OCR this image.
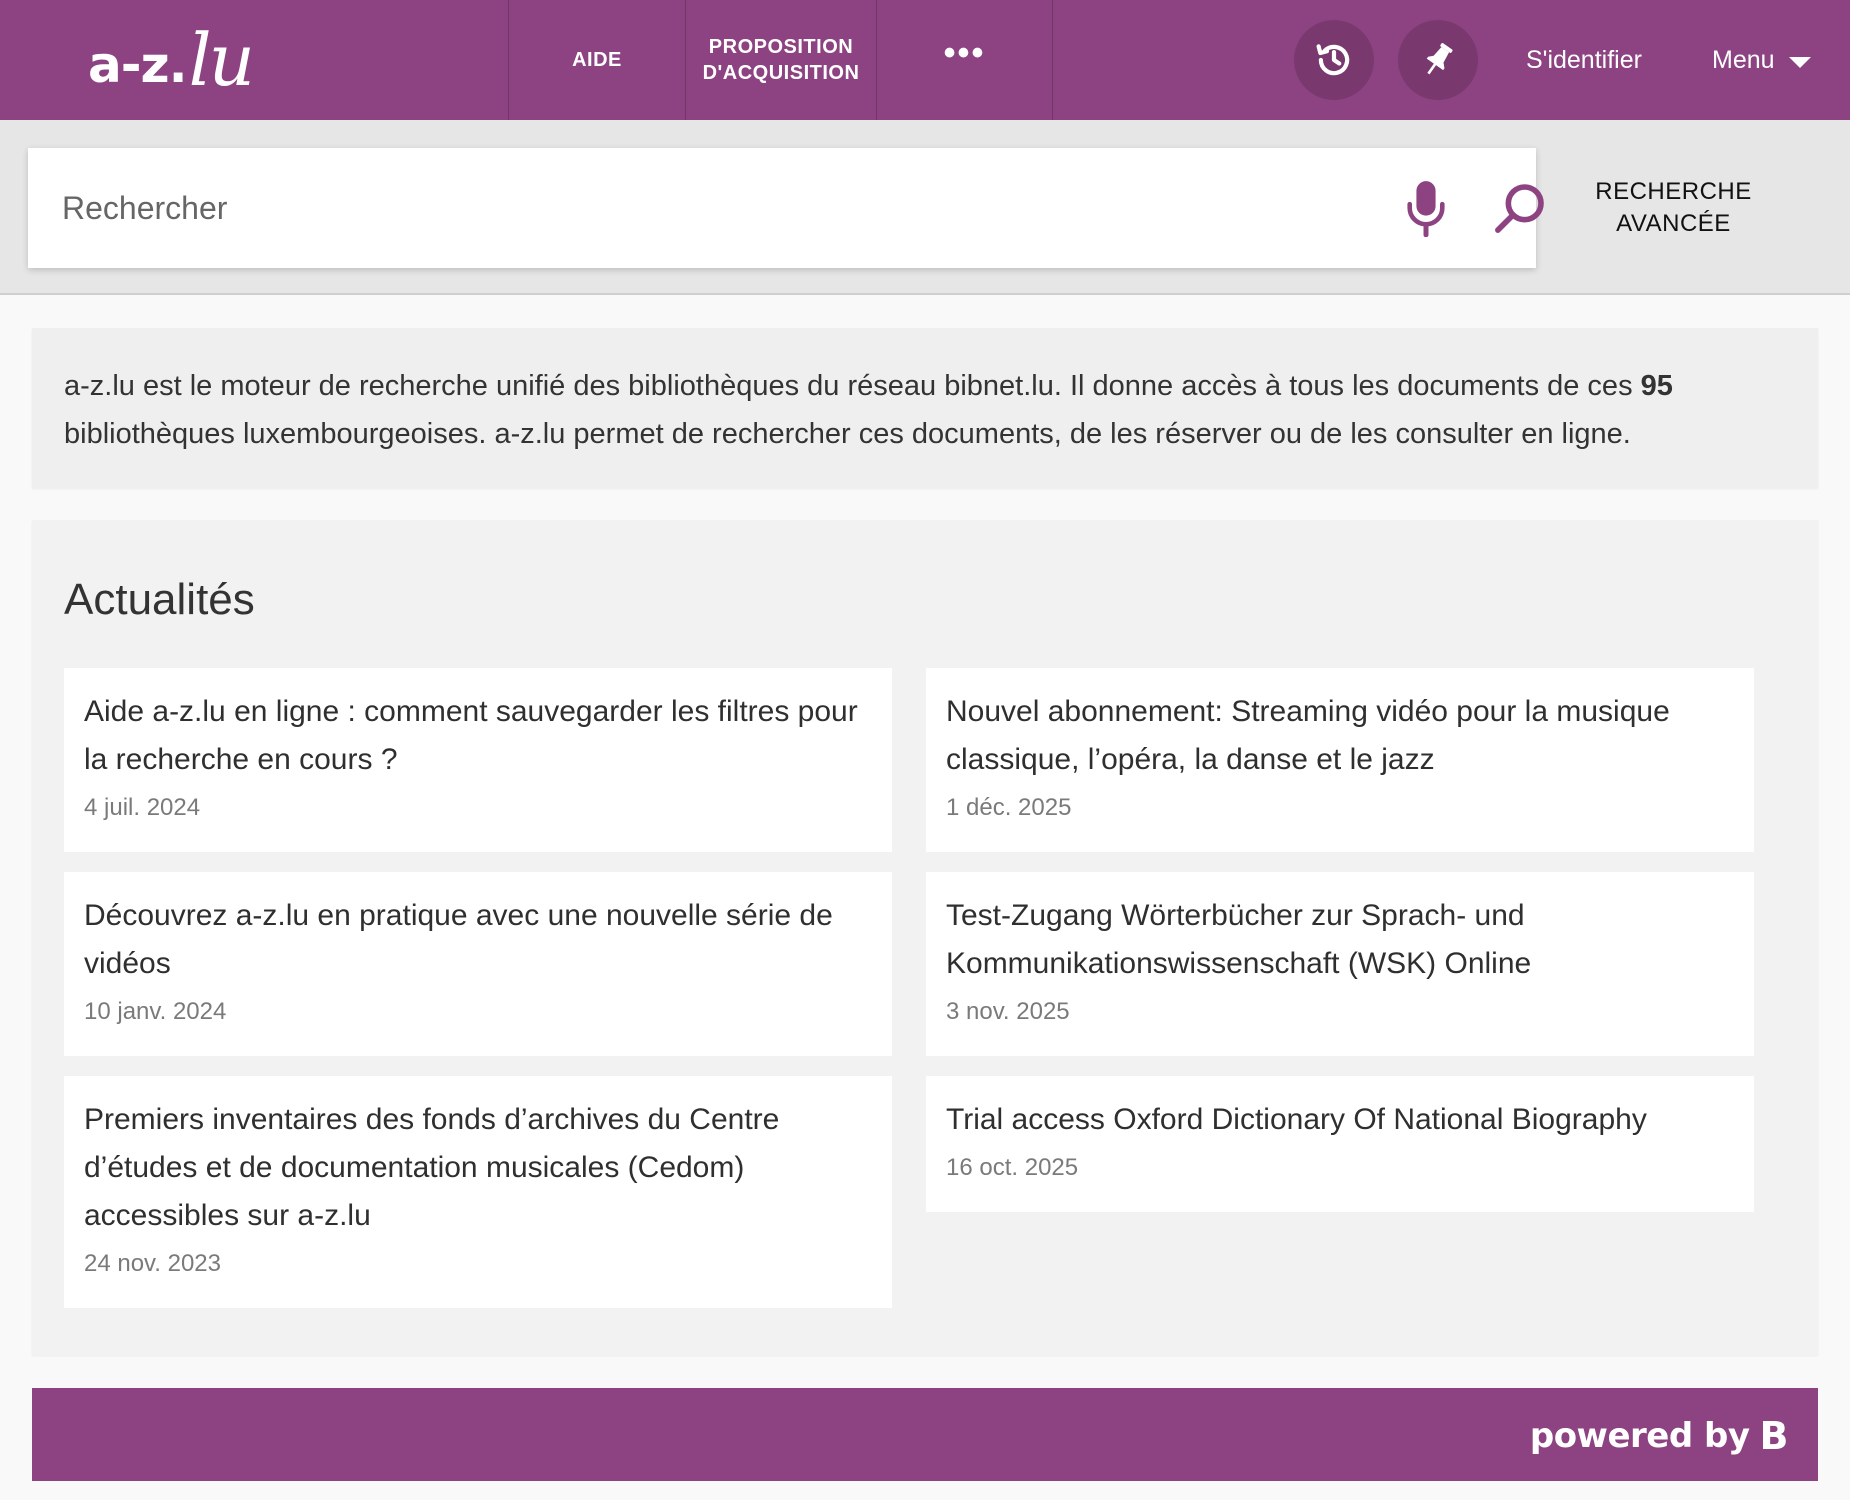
a-z. lu	AIDE
PROPOSITION
D'ACQUISITION
•••	S'identifier	Menu
Rechercher
RECHERCHE
AVANCÉE
a-z.lu est le moteur de recherche unifié des bibliothèques du réseau bibnet.lu. Il donne accès à tous les documents de ces 95 bibliothèques luxembourgeoises. a-z.lu permet de rechercher ces documents, de les réserver ou de les consulter en ligne.
Actualités
Aide a-z.lu en ligne : comment sauvegarder les filtres pour la recherche en cours ?
4 juil. 2024
Nouvel abonnement: Streaming vidéo pour la musique classique, l’opéra, la danse et le jazz
1 déc. 2025
Découvrez a-z.lu en pratique avec une nouvelle série de vidéos
10 janv. 2024
Test-Zugang Wörterbücher zur Sprach- und Kommunikationswissenschaft (WSK) Online
3 nov. 2025
Premiers inventaires des fonds d’archives du Centre d’études et de documentation musicales (Cedom) accessibles sur a-z.lu
24 nov. 2023
Trial access Oxford Dictionary Of National Biography
16 oct. 2025
powered by B
